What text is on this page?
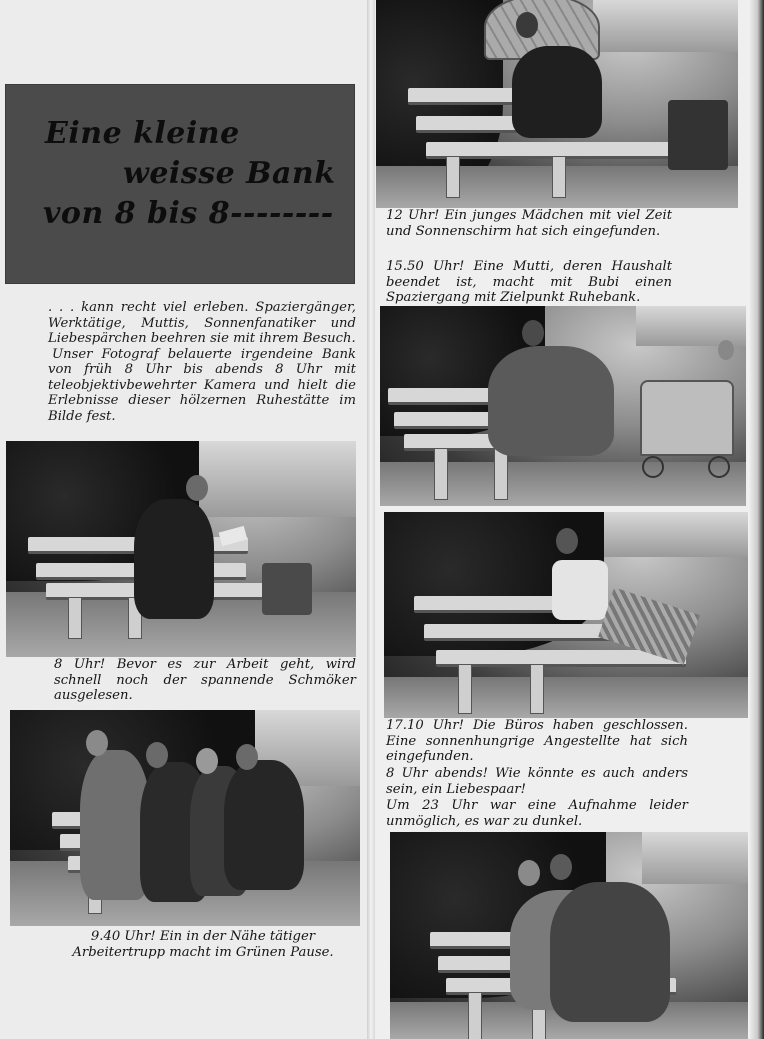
Eine kleine
weisse Bank
von 8 bis 8--------

. . . kann recht viel erleben. Spaziergänger, Werktätige, Muttis, Sonnenfanatiker und Liebespärchen beehren sie mit ihrem Besuch.

Unser Fotograf belauerte irgendeine Bank von früh 8 Uhr bis abends 8 Uhr mit teleobjektivbewehrter Kamera und hielt die Erlebnisse dieser hölzernen Ruhestätte im Bilde fest.

8 Uhr! Bevor es zur Arbeit geht, wird schnell noch der spannende Schmöker ausgelesen.
9.40 Uhr! Ein in der Nähe tätiger Arbeitertrupp macht im Grünen Pause.
12 Uhr! Ein junges Mädchen mit viel Zeit und Sonnenschirm hat sich eingefunden.
15.50 Uhr! Eine Mutti, deren Haushalt beendet ist, macht mit Bubi einen Spaziergang mit Zielpunkt Ruhebank.
17.10 Uhr! Die Büros haben geschlossen. Eine sonnenhungrige Angestellte hat sich eingefunden.
8 Uhr abends! Wie könnte es auch anders sein, ein Liebespaar!
Um 23 Uhr war eine Aufnahme leider unmöglich, es war zu dunkel.
